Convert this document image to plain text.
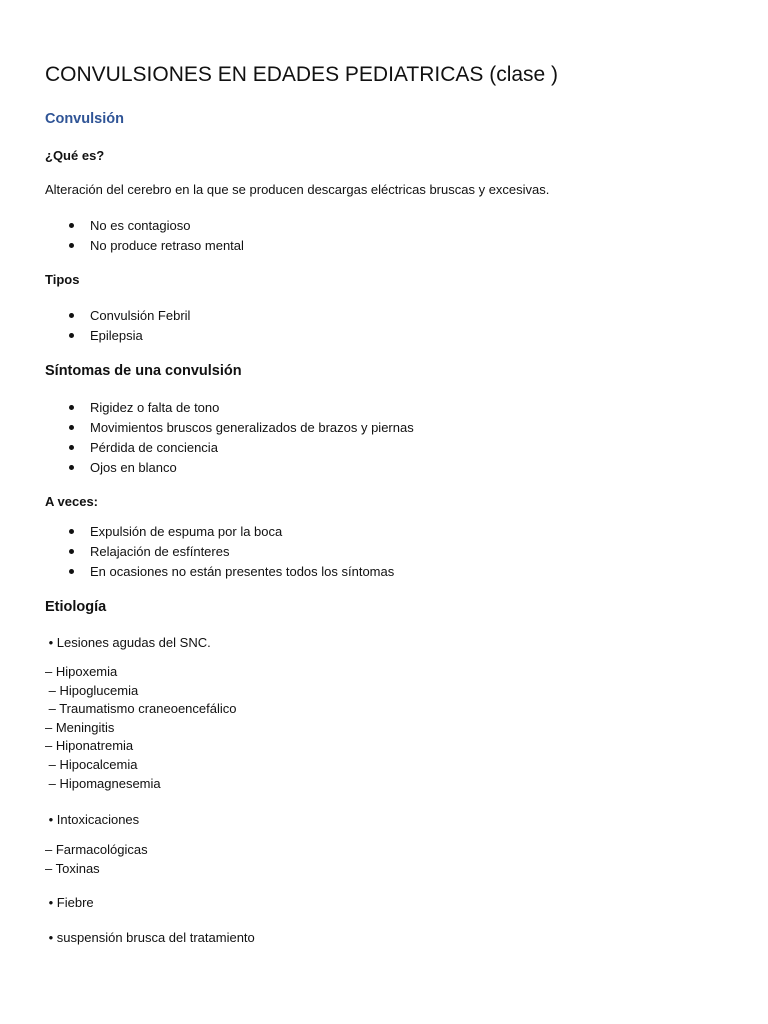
CONVULSIONES EN EDADES PEDIATRICAS (clase )
Convulsión
¿Qué es?
Alteración del cerebro en la que se producen descargas eléctricas bruscas y excesivas.
No es contagioso
No produce retraso mental
Tipos
Convulsión Febril
Epilepsia
Síntomas de una convulsión
Rigidez o falta de tono
Movimientos bruscos generalizados de brazos y piernas
Pérdida de conciencia
Ojos en blanco
A veces:
Expulsión de espuma por la boca
Relajación de esfínteres
En ocasiones no están presentes todos los síntomas
Etiología
• Lesiones agudas del SNC.
– Hipoxemia
– Hipoglucemia
– Traumatismo craneoencefálico
– Meningitis
– Hiponatremia
– Hipocalcemia
– Hipomagnesemia
• Intoxicaciones
– Farmacológicas
– Toxinas
• Fiebre
• suspensión brusca del tratamiento
